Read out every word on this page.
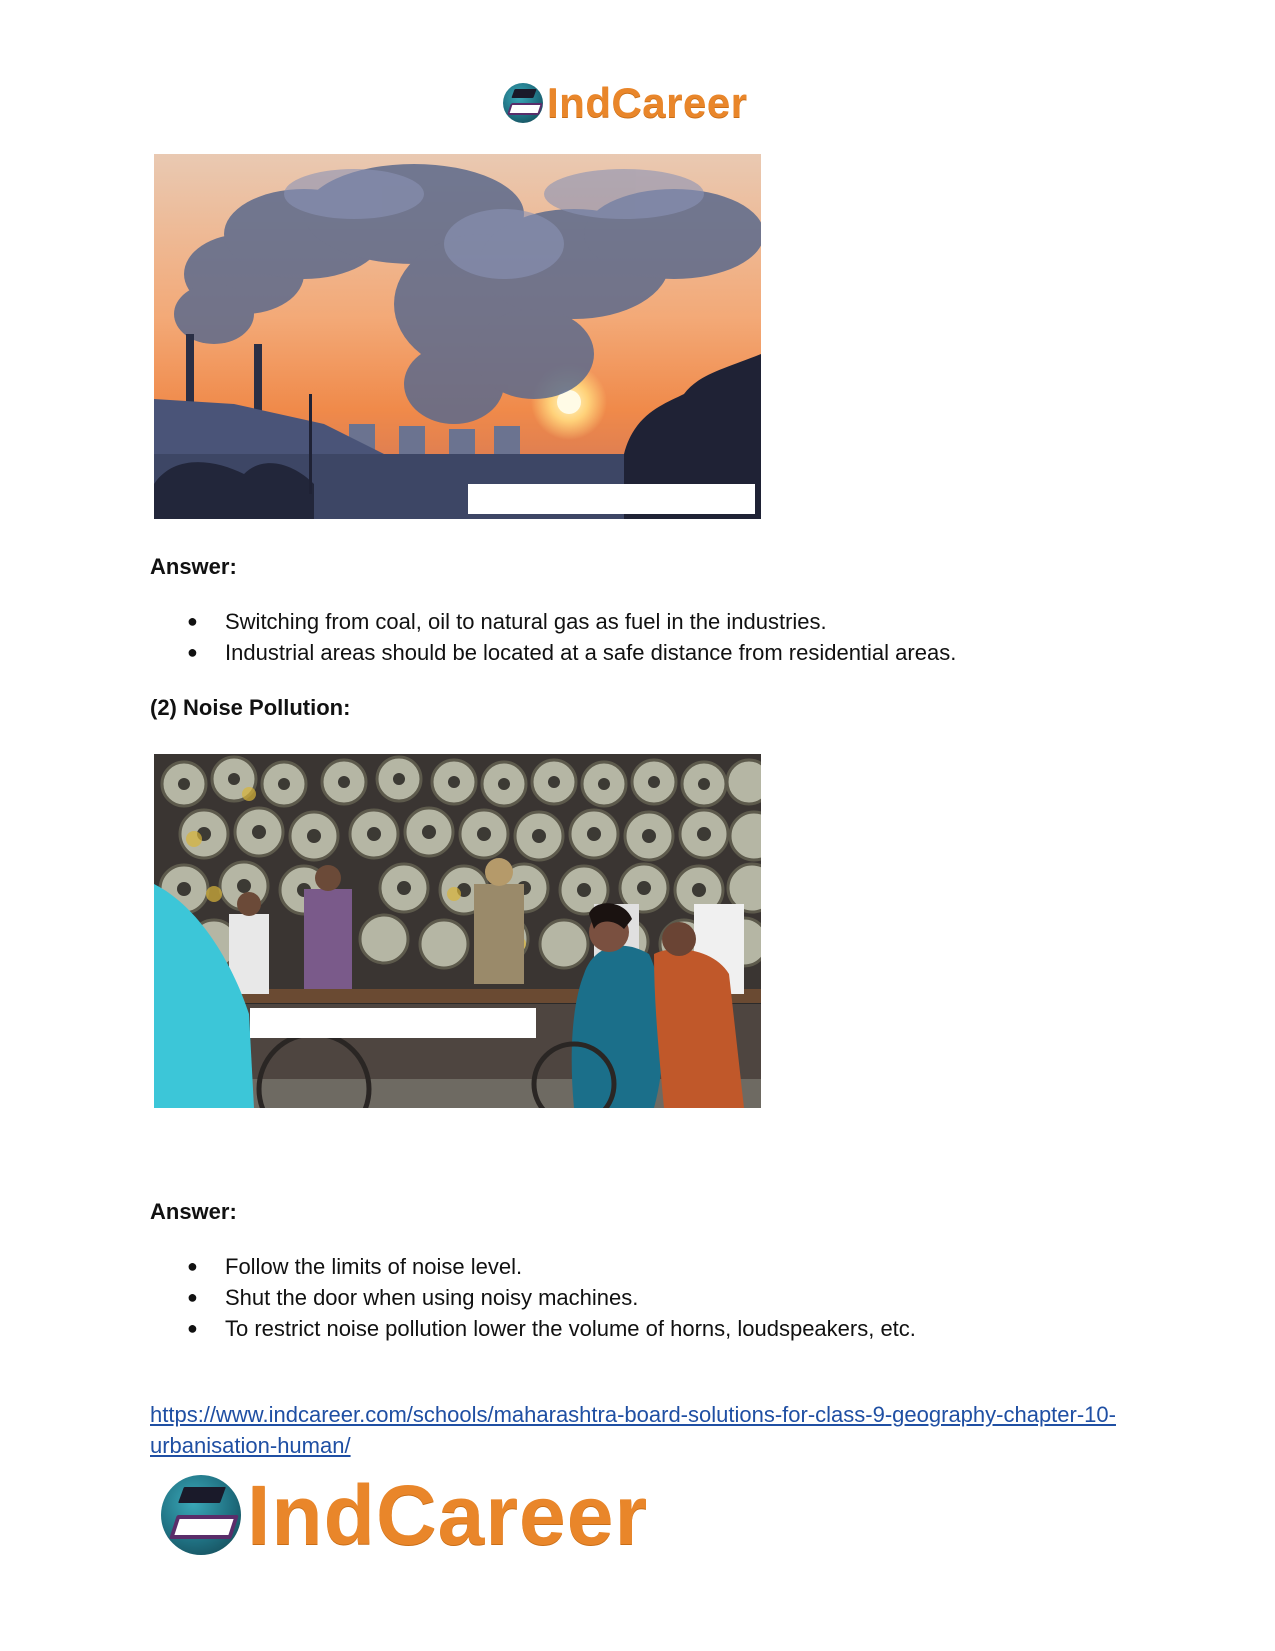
IndCareer
Answer:
● Switching from coal, oil to natural gas as fuel in the industries.
● Industrial areas should be located at a safe distance from residential areas.
(2) Noise Pollution:
Answer:
● Follow the limits of noise level.
● Shut the door when using noisy machines.
● To restrict noise pollution lower the volume of horns, loudspeakers, etc.
https://www.indcareer.com/schools/maharashtra-board-solutions-for-class-9-geography-chapter-10-urbanisation-human/
IndCareer
